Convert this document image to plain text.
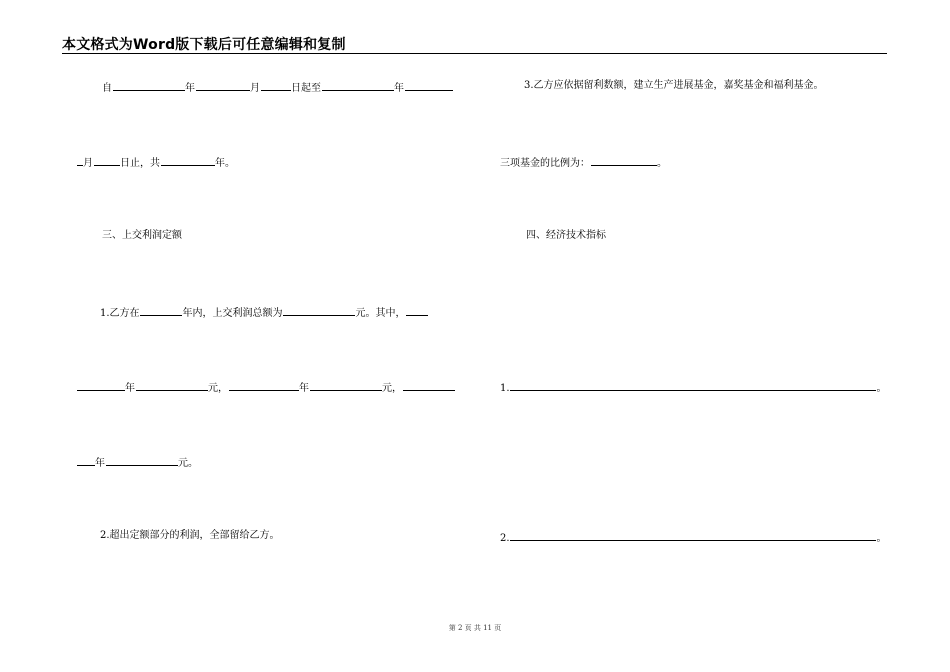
本文格式为Word版下载后可任意编辑和复制
自	年	月	日起至	年
月	日止，共	年。
三、上交利润定额
1.乙方在	年内，上交利润总额为	元。其中，
年	元，	年	元，
年	元。
2.超出定额部分的利润，全部留给乙方。
3.乙方应依据留利数额，建立生产进展基金，嘉奖基金和福利基金。
三项基金的比例为：	。
四、经济技术指标
1.	。
2.	。
第 2 页 共 11 页
